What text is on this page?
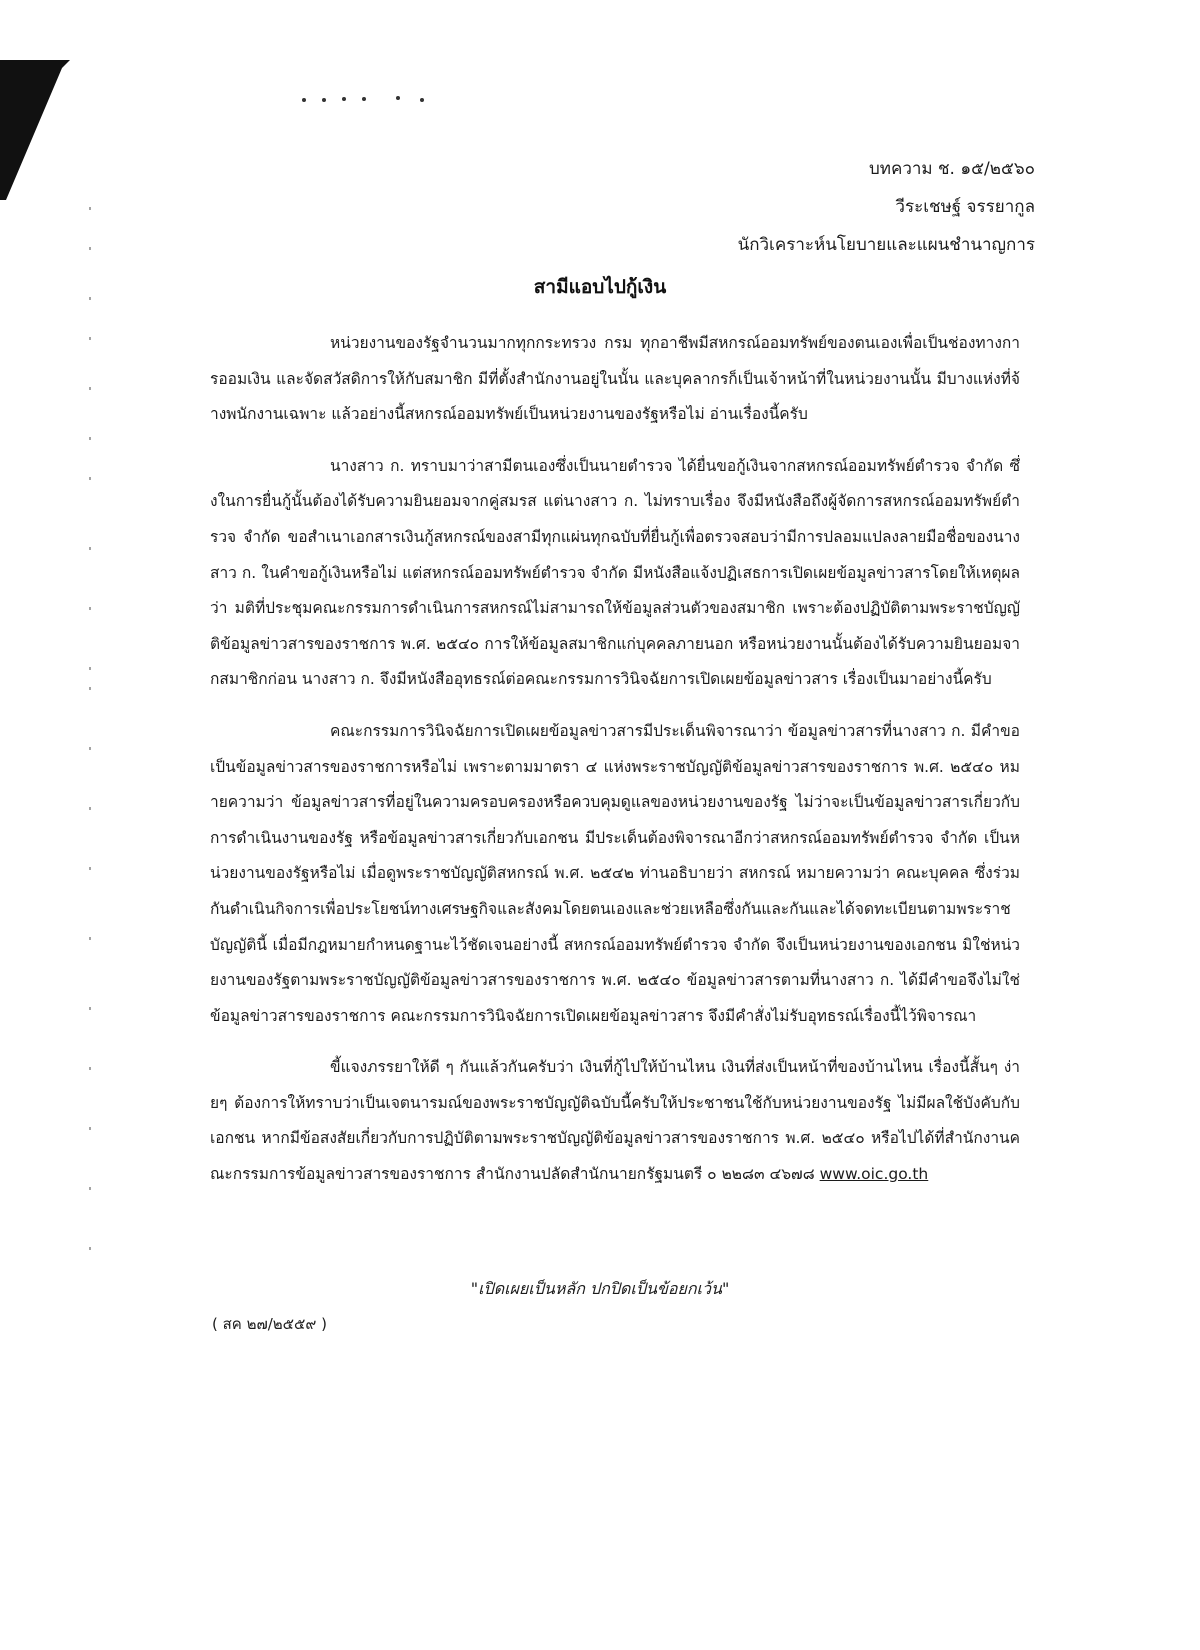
บทความ ช. ๑๕/๒๕๖๐
วีระเชษฐ์ จรรยากูล
นักวิเคราะห์นโยบายและแผนชำนาญการ
สามีแอบไปกู้เงิน

หน่วยงานของรัฐจำนวนมากทุกกระทรวง กรม ทุกอาชีพมีสหกรณ์ออมทรัพย์ของตนเองเพื่อเป็นช่องทางการออมเงิน และจัดสวัสดิการให้กับสมาชิก มีที่ตั้งสำนักงานอยู่ในนั้น และบุคลากรก็เป็นเจ้าหน้าที่ในหน่วยงานนั้น มีบางแห่งที่จ้างพนักงานเฉพาะ แล้วอย่างนี้สหกรณ์ออมทรัพย์เป็นหน่วยงานของรัฐหรือไม่ อ่านเรื่องนี้ครับ

นางสาว ก. ทราบมาว่าสามีตนเองซึ่งเป็นนายตำรวจ ได้ยื่นขอกู้เงินจากสหกรณ์ออมทรัพย์ตำรวจ จำกัด ซึ่งในการยื่นกู้นั้นต้องได้รับความยินยอมจากคู่สมรส แต่นางสาว ก. ไม่ทราบเรื่อง จึงมีหนังสือถึงผู้จัดการสหกรณ์ออมทรัพย์ตำรวจ จำกัด ขอสำเนาเอกสารเงินกู้สหกรณ์ของสามีทุกแผ่นทุกฉบับที่ยื่นกู้เพื่อตรวจสอบว่ามีการปลอมแปลงลายมือชื่อของนางสาว ก. ในคำขอกู้เงินหรือไม่ แต่สหกรณ์ออมทรัพย์ตำรวจ จำกัด มีหนังสือแจ้งปฏิเสธการเปิดเผยข้อมูลข่าวสารโดยให้เหตุผลว่า มติที่ประชุมคณะกรรมการดำเนินการสหกรณ์ไม่สามารถให้ข้อมูลส่วนตัวของสมาชิก เพราะต้องปฏิบัติตามพระราชบัญญัติข้อมูลข่าวสารของราชการ พ.ศ. ๒๕๔๐ การให้ข้อมูลสมาชิกแก่บุคคลภายนอก หรือหน่วยงานนั้นต้องได้รับความยินยอมจากสมาชิกก่อน นางสาว ก. จึงมีหนังสืออุทธรณ์ต่อคณะกรรมการวินิจฉัยการเปิดเผยข้อมูลข่าวสาร เรื่องเป็นมาอย่างนี้ครับ

คณะกรรมการวินิจฉัยการเปิดเผยข้อมูลข่าวสารมีประเด็นพิจารณาว่า ข้อมูลข่าวสารที่นางสาว ก. มีคำขอเป็นข้อมูลข่าวสารของราชการหรือไม่ เพราะตามมาตรา ๔ แห่งพระราชบัญญัติข้อมูลข่าวสารของราชการ พ.ศ. ๒๕๔๐ หมายความว่า ข้อมูลข่าวสารที่อยู่ในความครอบครองหรือควบคุมดูแลของหน่วยงานของรัฐ ไม่ว่าจะเป็นข้อมูลข่าวสารเกี่ยวกับการดำเนินงานของรัฐ หรือข้อมูลข่าวสารเกี่ยวกับเอกชน มีประเด็นต้องพิจารณาอีกว่าสหกรณ์ออมทรัพย์ตำรวจ จำกัด เป็นหน่วยงานของรัฐหรือไม่ เมื่อดูพระราชบัญญัติสหกรณ์ พ.ศ. ๒๕๔๒ ท่านอธิบายว่า สหกรณ์ หมายความว่า คณะบุคคล ซึ่งร่วมกันดำเนินกิจการเพื่อประโยชน์ทางเศรษฐกิจและสังคมโดยตนเองและช่วยเหลือซึ่งกันและกันและได้จดทะเบียนตามพระราชบัญญัตินี้ เมื่อมีกฎหมายกำหนดฐานะไว้ชัดเจนอย่างนี้ สหกรณ์ออมทรัพย์ตำรวจ จำกัด จึงเป็นหน่วยงานของเอกชน มิใช่หน่วยงานของรัฐตามพระราชบัญญัติข้อมูลข่าวสารของราชการ พ.ศ. ๒๕๔๐ ข้อมูลข่าวสารตามที่นางสาว ก. ได้มีคำขอจึงไม่ใช่ข้อมูลข่าวสารของราชการ คณะกรรมการวินิจฉัยการเปิดเผยข้อมูลข่าวสาร จึงมีคำสั่งไม่รับอุทธรณ์เรื่องนี้ไว้พิจารณา

ขี้แจงภรรยาให้ดี ๆ กันแล้วกันครับว่า เงินที่กู้ไปให้บ้านไหน เงินที่ส่งเป็นหน้าที่ของบ้านไหน เรื่องนี้สั้นๆ ง่ายๆ ต้องการให้ทราบว่าเป็นเจตนารมณ์ของพระราชบัญญัติฉบับนี้ครับให้ประชาชนใช้กับหน่วยงานของรัฐ ไม่มีผลใช้บังคับกับเอกชน หากมีข้อสงสัยเกี่ยวกับการปฏิบัติตามพระราชบัญญัติข้อมูลข่าวสารของราชการ พ.ศ. ๒๕๔๐ หรือไปได้ที่สำนักงานคณะกรรมการข้อมูลข่าวสารของราชการ สำนักงานปลัดสำนักนายกรัฐมนตรี ๐ ๒๒๘๓ ๔๖๗๘ www.oic.go.th

"เปิดเผยเป็นหลัก ปกปิดเป็นข้อยกเว้น"
( สค ๒๗/๒๕๕๙ )
